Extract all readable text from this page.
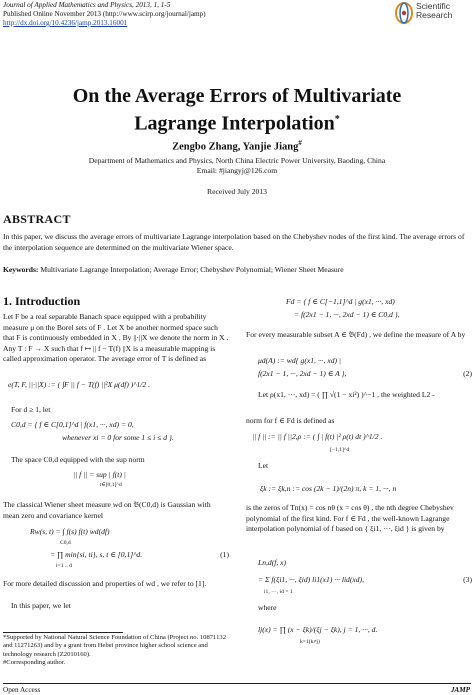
Journal of Applied Mathematics and Physics, 2013, 1, 1-5
Published Online November 2013 (http://www.scirp.org/journal/jamp)
http://dx.doi.org/10.4236/jamp.2013.16001
Scientific
Research
On the Average Errors of Multivariate
Lagrange Interpolation*
Zengbo Zhang, Yanjie Jiang#
Department of Mathematics and Physics, North China Electric Power University, Baoding, China
Email: #jiangyj@126.com
Received July 2013
ABSTRACT
In this paper, we discuss the average errors of multivariate Lagrange interpolation based on the Chebyshev nodes of the first kind. The average errors of the interpolation sequence are determined on the multivariate Wiener space.
Keywords: Multivariate Lagrange Interpolation; Average Error; Chebyshev Polynomial; Wiener Sheet Measure
1. Introduction
Let F be a real separable Banach space equipped with a probability measure μ on the Borel sets of F . Let X be another normed space such that F is continuously embedded in X . By ||·||X we denote the norm in X . Any T : F → X such that f ↦ || f − T(f) ||X is a measurable mapping is called approximation operator. The average error of T is defined as
e(T, F, ||·||X) := ( ∫F || f − T(f) ||²X μ(df) )^1/2 .
For d ≥ 1, let
C0,d = { f ∈ C[0,1]^d | f(x1, ···, xd) = 0,
whenever xi = 0 for some 1 ≤ i ≤ d }.
The space C0,d equipped with the sup norm
|| f || = sup | f(t) |
t∈[0,1]^d
The classical Wiener sheet measure wd on 𝔅(C0,d) is Gaussian with mean zero and covariance kernel
Rw(s, t) = ∫ f(s) f(t) wd(df)
C0,d
= ∏ min{si, ti}, s, t ∈ [0,1]^d.	(1)
i=1 .. d
For more detailed discussion and properties of wd , we refer to [1].
In this paper, we let
*Supported by National Natural Science Foundation of China (Project no. 10871132 and 11271263) and by a grant from Hebei province higher school science and technology research (Z2010160).
#Corresponding author.
Fd = { f ∈ C[−1,1]^d | g(x1, ···, xd)
= f(2x1 − 1, ···, 2xd − 1) ∈ C0,d },
For every measurable subset A ∈ 𝔅(Fd) , we define the measure of A by
μd(A) := wd{ g(x1, ···, xd) |
f(2x1 − 1, ···, 2xd − 1) ∈ A },	(2)
Let ρ(x1, ···, xd) = ( ∏ √(1 − xi²) )^−1 , the weighted L2 -
norm for f ∈ Fd is defined as
|| f || := || f ||2,ρ := ( ∫ | f(t) |² ρ(t) dt )^1/2 .
[−1,1]^d
Let
ξk := ξk,n := cos (2k − 1)/(2n) π, k = 1, ···, n
is the zeros of Tn(x) = cos nθ (x = cos θ) , the nth degree Chebyshev polynomial of the first kind. For f ∈ Fd , the well-known Lagrange interpolation polynomial of f based on { ξi1, ···, ξid } is given by
Ln,d(f, x)
= Σ f(ξi1, ···, ξid) li1(x1) ··· lid(xd),	(3)
i1, ···, id = 1
where
lj(x) = ∏ (x − ξk)/(ξj − ξk), j = 1, ···, d.
k=1(k≠j)
Open Access	JAMP
